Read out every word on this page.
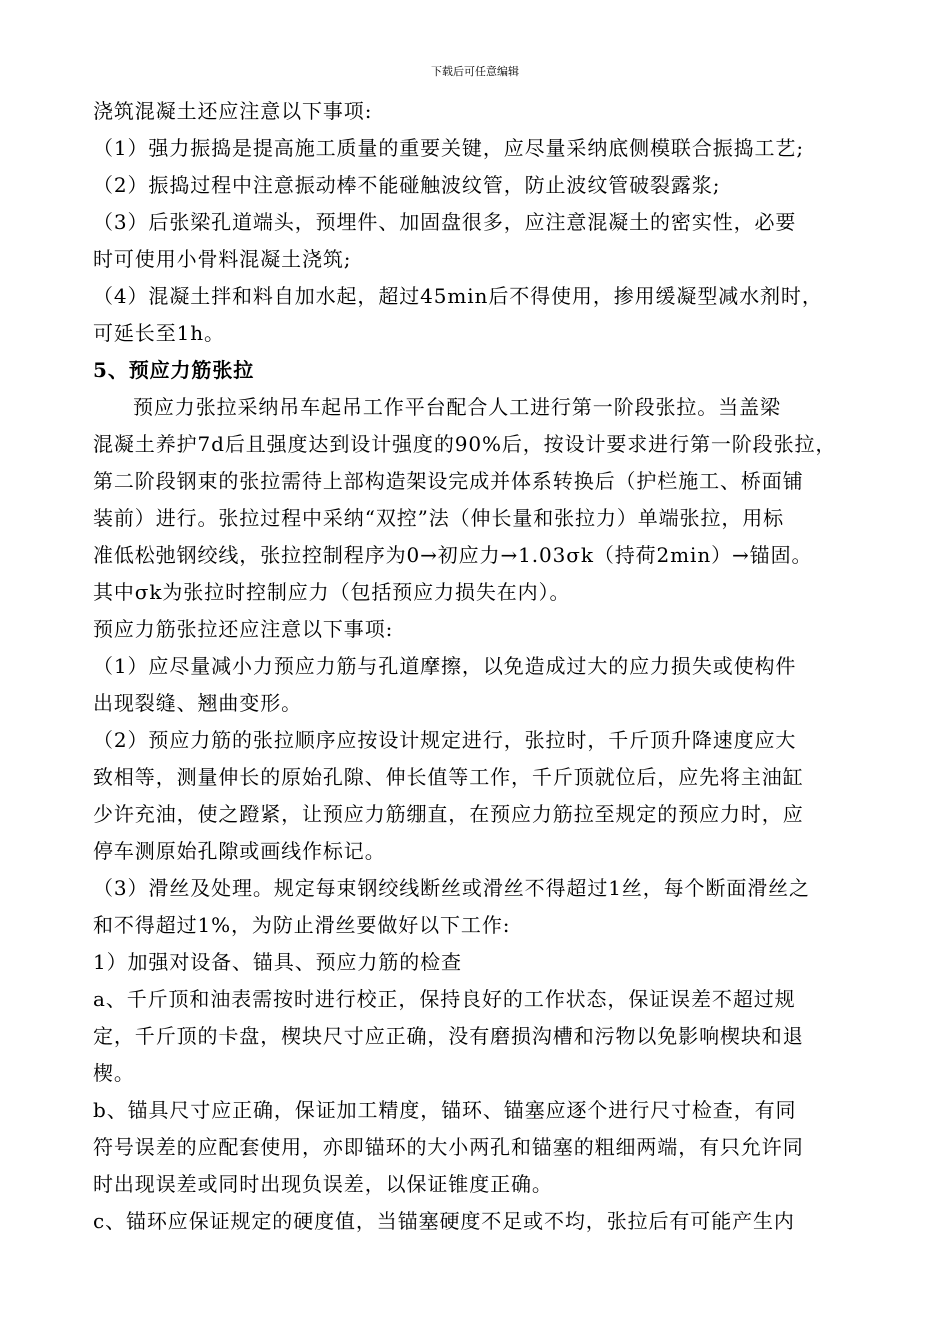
下载后可任意编辑

浇筑混凝土还应注意以下事项:

（1）强力振捣是提高施工质量的重要关键，应尽量采纳底侧模联合振捣工艺;

（2）振捣过程中注意振动棒不能碰触波纹管，防止波纹管破裂露浆;

（3）后张梁孔道端头，预埋件、加固盘很多，应注意混凝土的密实性，必要

时可使用小骨料混凝土浇筑;

（4）混凝土拌和料自加水起，超过45min后不得使用，掺用缓凝型减水剂时，

可延长至1h。

5、预应力筋张拉

预应力张拉采纳吊车起吊工作平台配合人工进行第一阶段张拉。当盖梁

混凝土养护7d后且强度达到设计强度的90%后，按设计要求进行第一阶段张拉，

第二阶段钢束的张拉需待上部构造架设完成并体系转换后（护栏施工、桥面铺

装前）进行。张拉过程中采纳“双控”法（伸长量和张拉力）单端张拉，用标

准低松弛钢绞线，张拉控制程序为0→初应力→1.03σk（持荷2min）→锚固。

其中σk为张拉时控制应力（包括预应力损失在内）。

预应力筋张拉还应注意以下事项:

（1）应尽量减小力预应力筋与孔道摩擦，以免造成过大的应力损失或使构件

出现裂缝、翘曲变形。

（2）预应力筋的张拉顺序应按设计规定进行，张拉时，千斤顶升降速度应大

致相等，测量伸长的原始孔隙、伸长值等工作，千斤顶就位后，应先将主油缸

少许充油，使之蹬紧，让预应力筋绷直，在预应力筋拉至规定的预应力时，应

停车测原始孔隙或画线作标记。

（3）滑丝及处理。规定每束钢绞线断丝或滑丝不得超过1丝，每个断面滑丝之

和不得超过1%，为防止滑丝要做好以下工作:

1）加强对设备、锚具、预应力筋的检查

a、千斤顶和油表需按时进行校正，保持良好的工作状态，保证误差不超过规

定，千斤顶的卡盘，楔块尺寸应正确，没有磨损沟槽和污物以免影响楔块和退

楔。

b、锚具尺寸应正确，保证加工精度，锚环、锚塞应逐个进行尺寸检查，有同

符号误差的应配套使用，亦即锚环的大小两孔和锚塞的粗细两端，有只允许同

时出现误差或同时出现负误差，以保证锥度正确。

c、锚环应保证规定的硬度值，当锚塞硬度不足或不均，张拉后有可能产生内
